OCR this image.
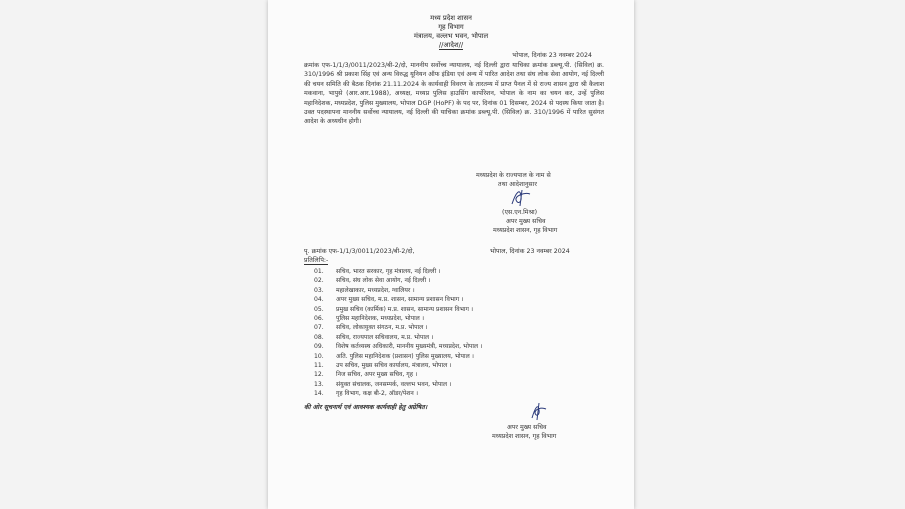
मध्य प्रदेश शासन
गृह विभाग
मंत्रालय, वल्लभ भवन, भोपाल
//आदेश//
भोपाल, दिनांक 23 नवम्बर 2024
क्रमांक एफ-1/1/3/0011/2023/बी-2/दो, माननीय सर्वोच्च न्यायालय, नई दिल्ली द्वारा याचिका क्रमांक डब्ल्यू.पी. (सिविल) क्र. 310/1996 श्री प्रकाश सिंह एवं अन्य विरुद्ध यूनियन ऑफ इंडिया एवं अन्य में पारित आदेश तथा संघ लोक सेवा आयोग, नई दिल्ली की चयन समिति की बैठक दिनांक 21.11.2024 के कार्यवाही विवरण के तारतम्य में प्राप्त पैनल में से राज्य शासन द्वारा श्री कैलाश मकवाना, भापुसे (आर.आर.1988), अध्यक्ष, मध्यप्र पुलिस हाउसिंग कार्पोरेशन, भोपाल के नाम का चयन कर, उन्हें पुलिस महानिदेशक, मध्यप्रदेश, पुलिस मुख्यालय, भोपाल DGP (HoPF) के पद पर, दिनांक 01 दिसम्बर, 2024 से पदस्थ किया जाता है। उक्त पदस्थापना माननीय सर्वोच्च न्यायालय, नई दिल्ली की याचिका क्रमांक डब्ल्यू.पी. (सिविल) क्र. 310/1996 में पारित सुसंगत आदेश के अध्यधीन होगी।
मध्यप्रदेश के राज्यपाल के नाम से
तथा आदेशानुसार
(एस.एन.मिश्रा)
अपर मुख्य सचिव
मध्यप्रदेश शासन, गृह विभाग
पृ. क्रमांक एफ-1/1/3/0011/2023/बी-2/दो,	भोपाल, दिनांक 23 नवम्बर 2024
प्रतिलिपि:-
01. सचिव, भारत सरकार, गृह मंत्रालय, नई दिल्ली ।
02. सचिव, संघ लोक सेवा आयोग, नई दिल्ली ।
03. महालेखाकार, मध्यप्रदेश, ग्वालियर ।
04. अपर मुख्य सचिव, म.प्र. शासन, सामान्य प्रशासन विभाग ।
05. प्रमुख सचिव (कार्मिक) म.प्र. शासन, सामान्य प्रशासन विभाग ।
06. पुलिस महानिदेशक, मध्यप्रदेश, भोपाल ।
07. सचिव, लोकायुक्त संगठन, म.प्र. भोपाल ।
08. सचिव, राज्यपाल सचिवालय, म.प्र. भोपाल ।
09. विशेष कर्तव्यस्थ अधिकारी, माननीय मुख्यमंत्री, मध्यप्रदेश, भोपाल ।
10. अति. पुलिस महानिदेशक (प्रशासन) पुलिस मुख्यालय, भोपाल ।
11. उप सचिव, मुख्य सचिव कार्यालय, मंत्रालय, भोपाल ।
12. निज सचिव, अपर मुख्य सचिव, गृह ।
13. संयुक्त संचालक, जनसम्पर्क, वल्लभ भवन, भोपाल ।
14. गृह विभाग, कक्ष बी-2, ऑडर/पेशन ।
की ओर सूचनार्थ एवं आवश्यक कार्यवाही हेतु अग्रेषित।
अपर मुख्य सचिव
मध्यप्रदेश शासन, गृह विभाग
